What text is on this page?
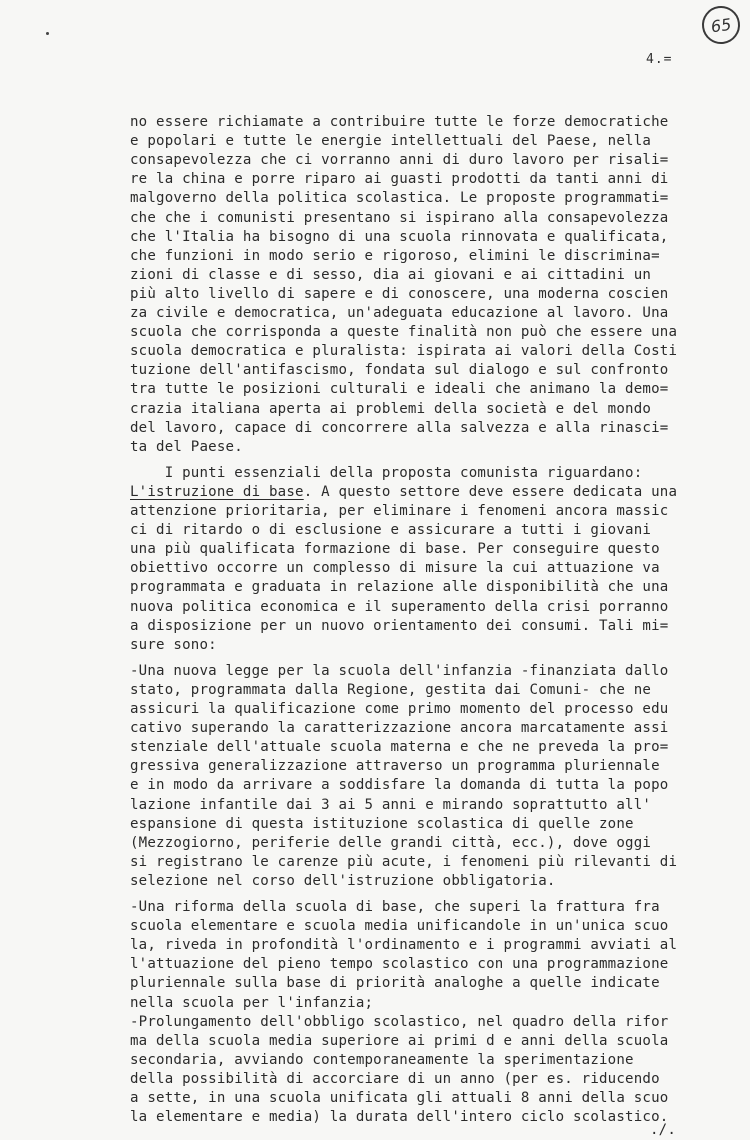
65
4.=
no essere richiamate a contribuire tutte le forze democratiche
e popolari e tutte le energie intellettuali del Paese, nella
consapevolezza che ci vorranno anni di duro lavoro per risali=
re la china e porre riparo ai guasti prodotti da tanti anni di
malgoverno della politica scolastica. Le proposte programmati=
che che i comunisti presentano si ispirano alla consapevolezza
che l'Italia ha bisogno di una scuola rinnovata e qualificata,
che funzioni in modo serio e rigoroso, elimini le discrimina=
zioni di classe e di sesso, dia ai giovani e ai cittadini un
più alto livello di sapere e di conoscere, una moderna coscien
za civile e democratica, un'adeguata educazione al lavoro. Una
scuola che corrisponda a queste finalità non può che essere una
scuola democratica e pluralista: ispirata ai valori della Costi
tuzione dell'antifascismo, fondata sul dialogo e sul confronto
tra tutte le posizioni culturali e ideali che animano la demo=
crazia italiana aperta ai problemi della società e del mondo
del lavoro, capace di concorrere alla salvezza e alla rinasci=
ta del Paese.
I punti essenziali della proposta comunista riguardano:
L'istruzione di base. A questo settore deve essere dedicata una
attenzione prioritaria, per eliminare i fenomeni ancora massic
ci di ritardo o di esclusione e assicurare a tutti i giovani
una più qualificata formazione di base. Per conseguire questo
obiettivo occorre un complesso di misure la cui attuazione va
programmata e graduata in relazione alle disponibilità che una
nuova politica economica e il superamento della crisi porranno
a disposizione per un nuovo orientamento dei consumi. Tali mi=
sure sono:
-Una nuova legge per la scuola dell'infanzia -finanziata dallo
stato, programmata dalla Regione, gestita dai Comuni- che ne
assicuri la qualificazione come primo momento del processo edu
cativo superando la caratterizzazione ancora marcatamente assi
stenziale dell'attuale scuola materna e che ne preveda la pro=
gressiva generalizzazione attraverso un programma pluriennale
e in modo da arrivare a soddisfare la domanda di tutta la popo
lazione infantile dai 3 ai 5 anni e mirando soprattutto all'
espansione di questa istituzione scolastica di quelle zone
(Mezzogiorno, periferie delle grandi città, ecc.), dove oggi
si registrano le carenze più acute, i fenomeni più rilevanti di
selezione nel corso dell'istruzione obbligatoria.
-Una riforma della scuola di base, che superi la frattura fra
scuola elementare e scuola media unificandole in un'unica scuo
la, riveda in profondità l'ordinamento e i programmi avviati al
l'attuazione del pieno tempo scolastico con una programmazione
pluriennale sulla base di priorità analoghe a quelle indicate
nella scuola per l'infanzia;
-Prolungamento dell'obbligo scolastico, nel quadro della rifor
ma della scuola media superiore ai primi d e anni della scuola
secondaria, avviando contemporaneamente la sperimentazione
della possibilità di accorciare di un anno (per es. riducendo
a sette, in una scuola unificata gli attuali 8 anni della scuo
la elementare e media) la durata dell'intero ciclo scolastico.
./.
